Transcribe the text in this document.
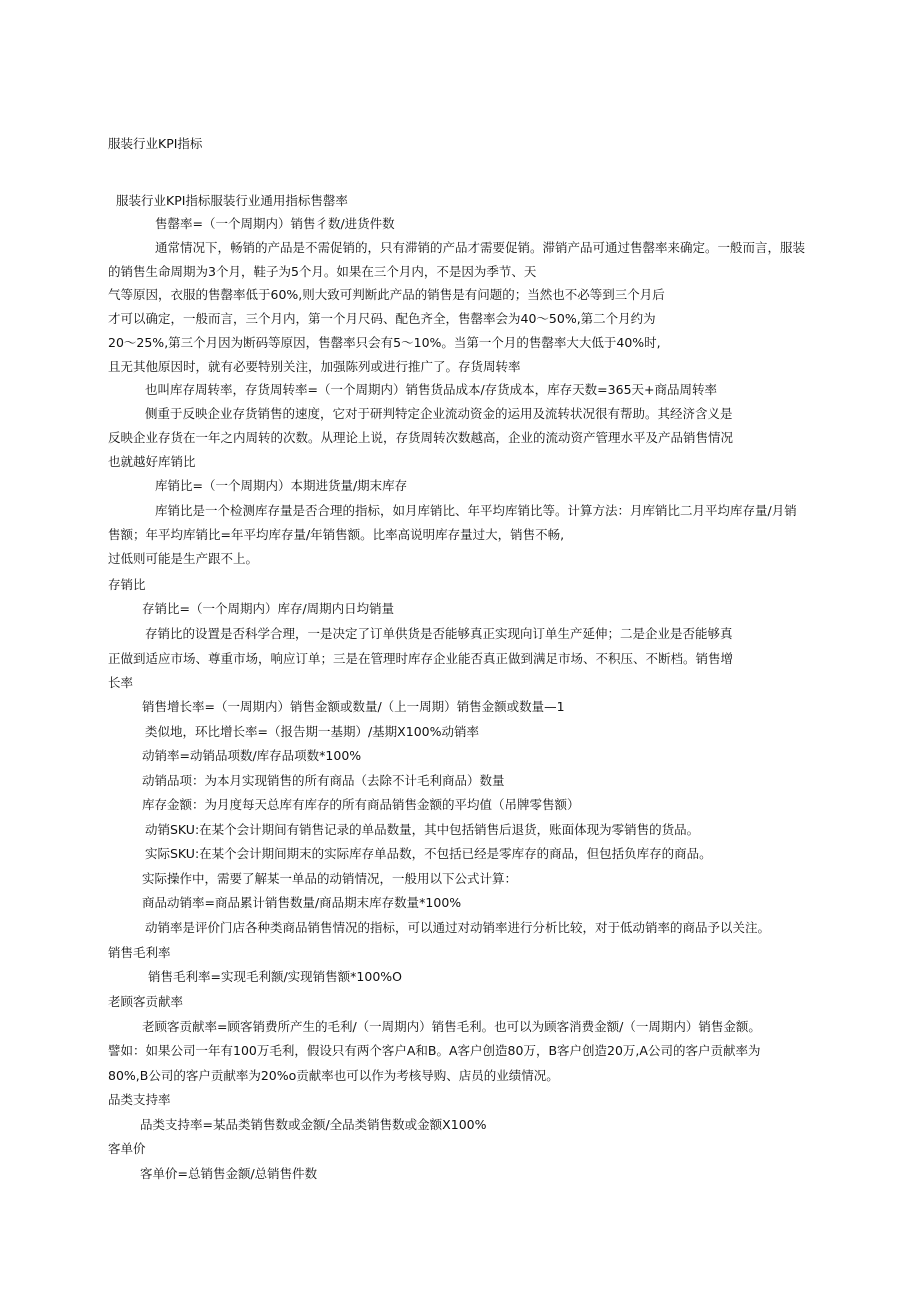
服装行业KPI指标
服装行业KPI指标服装行业通用指标售罄率
售罄率=（一个周期内）销售彳数/进货件数
通常情况下，畅销的产品是不需促销的，只有滞销的产品才需要促销。滞销产品可通过售罄率来确定。一般而言，服装
的销售生命周期为3个月，鞋子为5个月。如果在三个月内，不是因为季节、天
气等原因，衣服的售罄率低于60%,则大致可判断此产品的销售是有问题的；当然也不必等到三个月后
才可以确定，一般而言，三个月内，第一个月尺码、配色齐全，售罄率会为40～50%,第二个月约为
20～25%,第三个月因为断码等原因，售罄率只会有5～10%。当第一个月的售罄率大大低于40%时,
且无其他原因时，就有必要特别关注，加强陈列或进行推广了。存货周转率
也叫库存周转率，存货周转率=（一个周期内）销售货品成本/存货成本，库存天数=365天+商品周转率
侧重于反映企业存货销售的速度，它对于研判特定企业流动资金的运用及流转状况很有帮助。其经济含义是
反映企业存货在一年之内周转的次数。从理论上说，存货周转次数越高，企业的流动资产管理水平及产品销售情况
也就越好库销比
库销比=（一个周期内）本期进货量/期末库存
库销比是一个检测库存量是否合理的指标，如月库销比、年平均库销比等。计算方法：月库销比二月平均库存量/月销
售额；年平均库销比=年平均库存量/年销售额。比率高说明库存量过大，销售不畅,
过低则可能是生产跟不上。
存销比
存销比=（一个周期内）库存/周期内日均销量
存销比的设置是否科学合理，一是决定了订单供货是否能够真正实现向订单生产延伸；二是企业是否能够真
正做到适应市场、尊重市场，响应订单；三是在管理时库存企业能否真正做到满足市场、不积压、不断档。销售增
长率
销售增长率=（一周期内）销售金额或数量/（上一周期）销售金额或数量—1
类似地，环比增长率=（报告期一基期）/基期X100%动销率
动销率=动销品项数/库存品项数*100%
动销品项：为本月实现销售的所有商品（去除不计毛利商品）数量
库存金额：为月度每天总库有库存的所有商品销售金额的平均值（吊牌零售额）
动销SKU:在某个会计期间有销售记录的单品数量，其中包括销售后退货，账面体现为零销售的货品。
实际SKU:在某个会计期间期末的实际库存单品数，不包括已经是零库存的商品，但包括负库存的商品。
实际操作中，需要了解某一单品的动销情况，一般用以下公式计算：
商品动销率=商品累计销售数量/商品期末库存数量*100%
动销率是评价门店各种类商品销售情况的指标，可以通过对动销率进行分析比较，对于低动销率的商品予以关注。
销售毛利率
销售毛利率=实现毛利额/实现销售额*100%O
老顾客贡献率
老顾客贡献率=顾客销费所产生的毛利/（一周期内）销售毛利。也可以为顾客消费金额/（一周期内）销售金额。
譬如：如果公司一年有100万毛利，假设只有两个客户A和B。A客户创造80万，B客户创造20万,A公司的客户贡献率为
80%,B公司的客户贡献率为20%o贡献率也可以作为考核导购、店员的业绩情况。
品类支持率
品类支持率=某品类销售数或金额/全品类销售数或金额X100%
客单价
客单价=总销售金额/总销售件数
